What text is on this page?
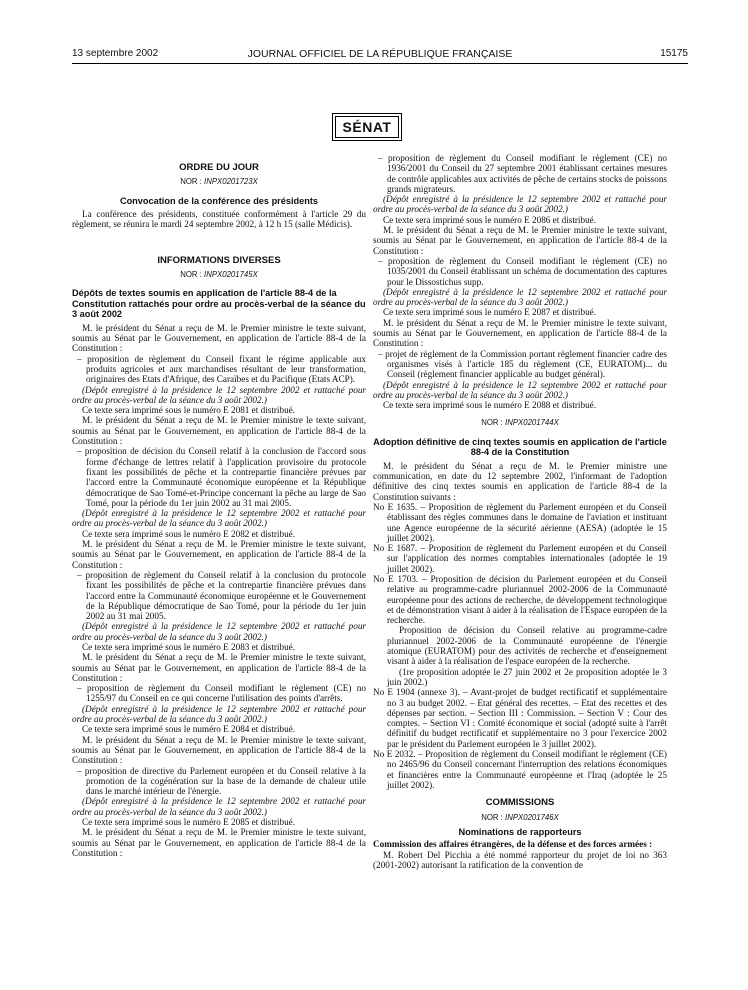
13 septembre 2002	JOURNAL OFFICIEL DE LA RÉPUBLIQUE FRANÇAISE	15175
SÉNAT
ORDRE DU JOUR
NOR : INPX0201723X
Convocation de la conférence des présidents

La conférence des présidents, constituée conformément à l'article 29 du règlement, se réunira le mardi 24 septembre 2002, à 12 h 15 (salle Médicis).

INFORMATIONS DIVERSES
NOR : INPX0201745X
Dépôts de textes soumis en application de l'article 88-4 de la Constitution rattachés pour ordre au procès-verbal de la séance du 3 août 2002

M. le président du Sénat a reçu de M. le Premier ministre le texte suivant, soumis au Sénat par le Gouvernement, en application de l'article 88-4 de la Constitution :

– proposition de règlement du Conseil fixant le régime applicable aux produits agricoles et aux marchandises résultant de leur transformation, originaires des Etats d'Afrique, des Caraïbes et du Pacifique (Etats ACP).

(Dépôt enregistré à la présidence le 12 septembre 2002 et rattaché pour ordre au procès-verbal de la séance du 3 août 2002.)

Ce texte sera imprimé sous le numéro E 2081 et distribué.

M. le président du Sénat a reçu de M. le Premier ministre le texte suivant, soumis au Sénat par le Gouvernement, en application de l'article 88-4 de la Constitution :

– proposition de décision du Conseil relatif à la conclusion de l'accord sous forme d'échange de lettres relatif à l'application provisoire du protocole fixant les possibilités de pêche et la contrepartie financière prévues par l'accord entre la Communauté économique européenne et la République démocratique de Sao Tomé-et-Principe concernant la pêche au large de Sao Tomé, pour la période du 1er juin 2002 au 31 mai 2005.

(Dépôt enregistré à la présidence le 12 septembre 2002 et rattaché pour ordre au procès-verbal de la séance du 3 août 2002.)

Ce texte sera imprimé sous le numéro E 2082 et distribué.

M. le président du Sénat a reçu de M. le Premier ministre le texte suivant, soumis au Sénat par le Gouvernement, en application de l'article 88-4 de la Constitution :

– proposition de règlement du Conseil relatif à la conclusion du protocole fixant les possibilités de pêche et la contrepartie financière prévues dans l'accord entre la Communauté économique européenne et le Gouvernement de la République démocratique de Sao Tomé, pour la période du 1er juin 2002 au 31 mai 2005.

(Dépôt enregistré à la présidence le 12 septembre 2002 et rattaché pour ordre au procès-verbal de la séance du 3 août 2002.)

Ce texte sera imprimé sous le numéro E 2083 et distribué.

M. le président du Sénat a reçu de M. le Premier ministre le texte suivant, soumis au Sénat par le Gouvernement, en application de l'article 88-4 de la Constitution :

– proposition de règlement du Conseil modifiant le règlement (CE) no 1255/97 du Conseil en ce qui concerne l'utilisation des points d'arrêts.

(Dépôt enregistré à la présidence le 12 septembre 2002 et rattaché pour ordre au procès-verbal de la séance du 3 août 2002.)

Ce texte sera imprimé sous le numéro E 2084 et distribué.

M. le président du Sénat a reçu de M. le Premier ministre le texte suivant, soumis au Sénat par le Gouvernement, en application de l'article 88-4 de la Constitution :

– proposition de directive du Parlement européen et du Conseil relative à la promotion de la cogénération sur la base de la demande de chaleur utile dans le marché intérieur de l'énergie.

(Dépôt enregistré à la présidence le 12 septembre 2002 et rattaché pour ordre au procès-verbal de la séance du 3 août 2002.)

Ce texte sera imprimé sous le numéro E 2085 et distribué.

M. le président du Sénat a reçu de M. le Premier ministre le texte suivant, soumis au Sénat par le Gouvernement, en application de l'article 88-4 de la Constitution :

– proposition de règlement du Conseil modifiant le règlement (CE) no 1936/2001 du Conseil du 27 septembre 2001 établissant certaines mesures de contrôle applicables aux activités de pêche de certains stocks de poissons grands migrateurs.

(Dépôt enregistré à la présidence le 12 septembre 2002 et rattaché pour ordre au procès-verbal de la séance du 3 août 2002.)

Ce texte sera imprimé sous le numéro E 2086 et distribué.

M. le président du Sénat a reçu de M. le Premier ministre le texte suivant, soumis au Sénat par le Gouvernement, en application de l'article 88-4 de la Constitution :

– proposition de règlement du Conseil modifiant le règlement (CE) no 1035/2001 du Conseil établissant un schéma de documentation des captures pour le Dissostichus supp.

(Dépôt enregistré à la présidence le 12 septembre 2002 et rattaché pour ordre au procès-verbal de la séance du 3 août 2002.)

Ce texte sera imprimé sous le numéro E 2087 et distribué.

M. le président du Sénat a reçu de M. le Premier ministre le texte suivant, soumis au Sénat par le Gouvernement, en application de l'article 88-4 de la Constitution :

– projet de règlement de la Commission portant règlement financier cadre des organismes visés à l'article 185 du règlement (CE, EURATOM)... du Conseil (règlement financier applicable au budget général).

(Dépôt enregistré à la présidence le 12 septembre 2002 et rattaché pour ordre au procès-verbal de la séance du 3 août 2002.)

Ce texte sera imprimé sous le numéro E 2088 et distribué.

NOR : INPX0201744X
Adoption définitive de cinq textes soumis en application de l'article 88-4 de la Constitution

M. le président du Sénat a reçu de M. le Premier ministre une communication, en date du 12 septembre 2002, l'informant de l'adoption définitive des cinq textes soumis en application de l'article 88-4 de la Constitution suivants :

No E 1635. – Proposition de règlement du Parlement européen et du Conseil établissant des règles communes dans le domaine de l'aviation et instituant une Agence européenne de la sécurité aérienne (AESA) (adoptée le 15 juillet 2002).

No E 1687. – Proposition de règlement du Parlement européen et du Conseil sur l'application des normes comptables internationales (adoptée le 19 juillet 2002).

No E 1703. – Proposition de décision du Parlement européen et du Conseil relative au programme-cadre pluriannuel 2002-2006 de la Communauté européenne pour des actions de recherche, de développement technologique et de démonstration visant à aider à la réalisation de l'Espace européen de la recherche.

Proposition de décision du Conseil relative au programme-cadre pluriannuel 2002-2006 de la Communauté européenne de l'énergie atomique (EURATOM) pour des activités de recherche et d'enseignement visant à aider à la réalisation de l'espace européen de la recherche.

(1re proposition adoptée le 27 juin 2002 et 2e proposition adoptée le 3 juin 2002.)

No E 1904 (annexe 3). – Avant-projet de budget rectificatif et supplémentaire no 3 au budget 2002. – Etat général des recettes. – Etat des recettes et des dépenses par section. – Section III : Commission. – Section V : Cour des comptes. – Section VI : Comité économique et social (adopté suite à l'arrêt définitif du budget rectificatif et supplémentaire no 3 pour l'exercice 2002 par le président du Parlement européen le 3 juillet 2002).

No E 2032. – Proposition de règlement du Conseil modifiant le règlement (CE) no 2465/96 du Conseil concernant l'interruption des relations économiques et financières entre la Communauté européenne et l'Iraq (adoptée le 25 juillet 2002).

COMMISSIONS
NOR : INPX0201746X
Nominations de rapporteurs

Commission des affaires étrangères, de la défense et des forces armées :

M. Robert Del Picchia a été nommé rapporteur du projet de loi no 363 (2001-2002) autorisant la ratification de la convention de
